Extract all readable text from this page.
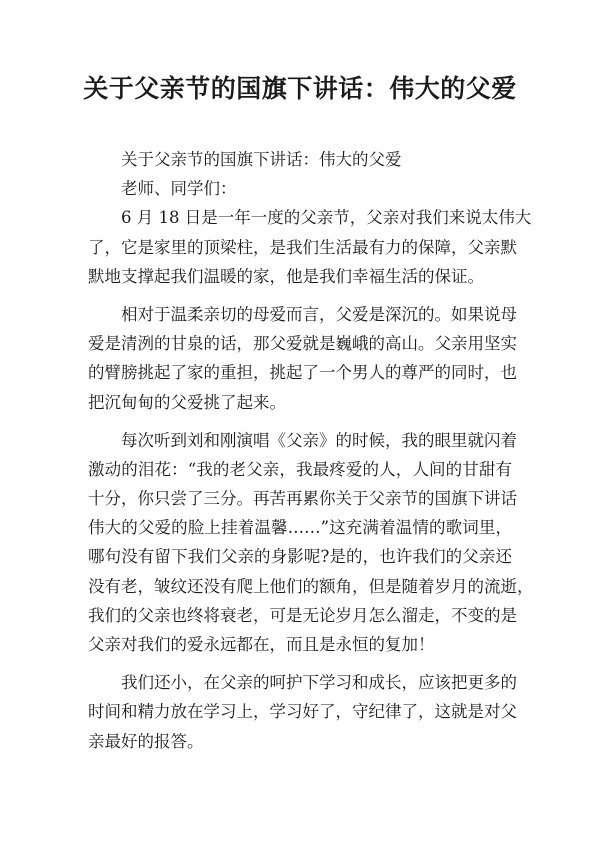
关于父亲节的国旗下讲话：伟大的父爱
关于父亲节的国旗下讲话：伟大的父爱
老师、同学们：
6 月 18 日是一年一度的父亲节，父亲对我们来说太伟大
了，它是家里的顶梁柱，是我们生活最有力的保障，父亲默
默地支撑起我们温暖的家，他是我们幸福生活的保证。
相对于温柔亲切的母爱而言，父爱是深沉的。如果说母
爱是清洌的甘泉的话，那父爱就是巍峨的高山。父亲用坚实
的臂膀挑起了家的重担，挑起了一个男人的尊严的同时，也
把沉甸甸的父爱挑了起来。
每次听到刘和刚演唱《父亲》的时候，我的眼里就闪着
激动的泪花：“我的老父亲，我最疼爱的人，人间的甘甜有
十分，你只尝了三分。再苦再累你关于父亲节的国旗下讲话
伟大的父爱的脸上挂着温馨……”这充满着温情的歌词里，
哪句没有留下我们父亲的身影呢?是的，也许我们的父亲还
没有老，皱纹还没有爬上他们的额角，但是随着岁月的流逝，
我们的父亲也终将衰老，可是无论岁月怎么溜走，不变的是
父亲对我们的爱永远都在，而且是永恒的复加！
我们还小，在父亲的呵护下学习和成长，应该把更多的
时间和精力放在学习上，学习好了，守纪律了，这就是对父
亲最好的报答。
